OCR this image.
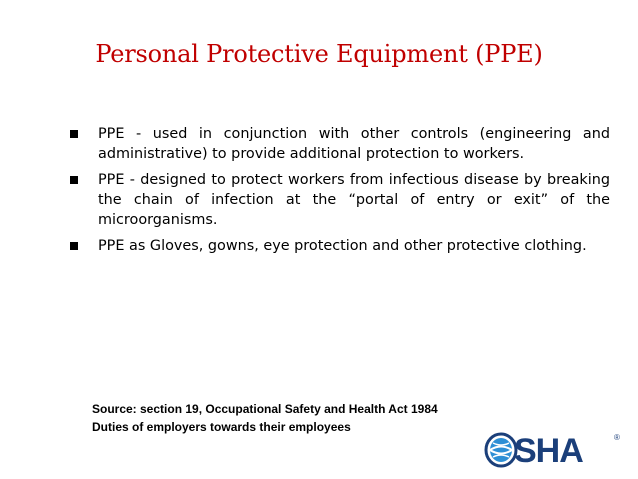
Personal Protective Equipment (PPE)
PPE - used in conjunction with other controls (engineering and administrative) to provide additional protection to workers.
PPE - designed to protect workers from infectious disease by breaking the chain of infection at the “portal of entry or exit” of the microorganisms.
PPE as Gloves, gowns, eye protection and other protective clothing.
Source: section 19, Occupational Safety and Health Act 1984
Duties of employers towards their employees
SHA	®
